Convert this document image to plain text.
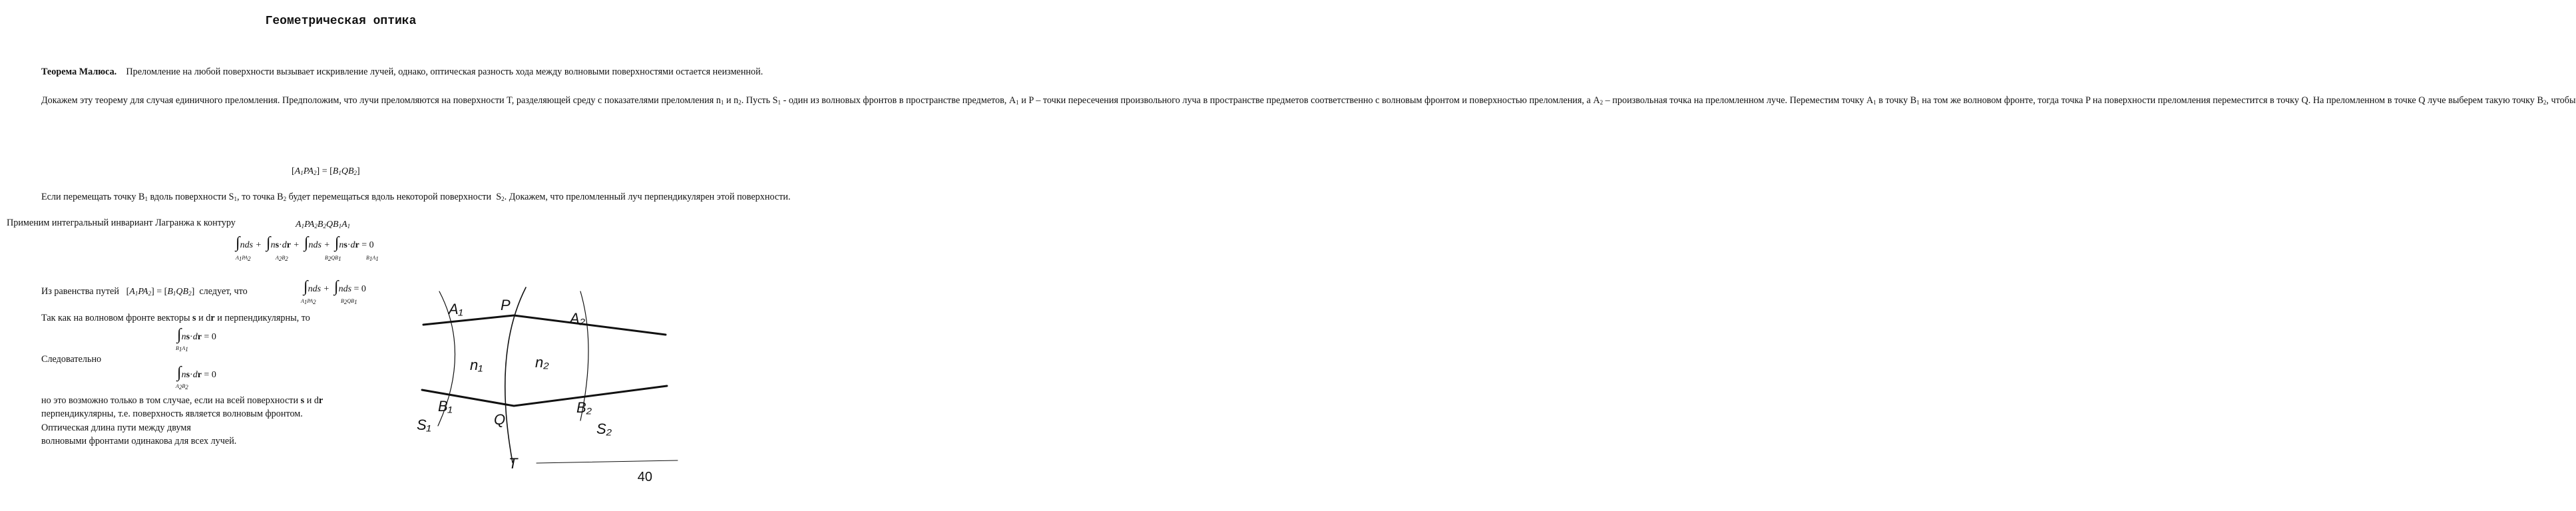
Геометрическая оптика
Теорема Малюса. Преломление на любой поверхности вызывает искривление лучей, однако, оптическая разность хода между волновыми поверхностями остается неизменной.
Докажем эту теорему для случая единичного преломления. Предположим, что лучи преломляются на поверхности T, разделяющей среду с показателями преломления $n_1$ и $n_2$. Пусть $S_1$ - один из волновых фронтов в пространстве предметов, $A_1$ и P – точки пересечения произвольного луча в пространстве предметов соответственно с волновым фронтом и поверхностью преломления, а $A_2$ – произвольная точка на преломленном луче. Переместим точку $A_1$ в точку $B_1$ на том же волновом фронте, тогда точка P на поверхности преломления переместится в точку Q. На преломленном в точке Q луче выберем такую точку $B_2$, чтобы
$[A_1PA_2] = [B_1QB_2]$
Если перемещать точку $B_1$ вдоль поверхности $S_1$, то точка $B_2$ будет перемещаться вдоль некоторой поверхности  $S_2$. Докажем, что преломленный луч перпендикулярен этой поверхности.
Применим интегральный инвариант Лагранжа к контуру	$A_1PA_2B_2QB_1A_1$
∫nds +  ∫ns·dr +  ∫nds +  ∫ns·dr = 0
$A_1PA_2$	$A_2B_2$	$B_2QB_1$	$B_1A_1$
Из равенства путей $[A_1PA_2] = [B_1QB_2]$ следует, что	∫nds +  ∫nds = 0
$A_1PA_2$	$B_2QB_1$
Так как на волновом фронте векторы s и dr и перпендикулярны, то
∫ns·dr = 0
$B_1A_1$
Следовательно
∫ns·dr = 0
$A_2B_2$
но это возможно только в том случае, если на всей поверхности s и dr
перпендикулярны, т.е. поверхность является волновым фронтом.
Оптическая длина пути между двумя
волновыми фронтами одинакова для всех лучей.
A₁	P
A₂
n₁	n₂
B₁
Q
B₂
S₁	S₂
T
40
